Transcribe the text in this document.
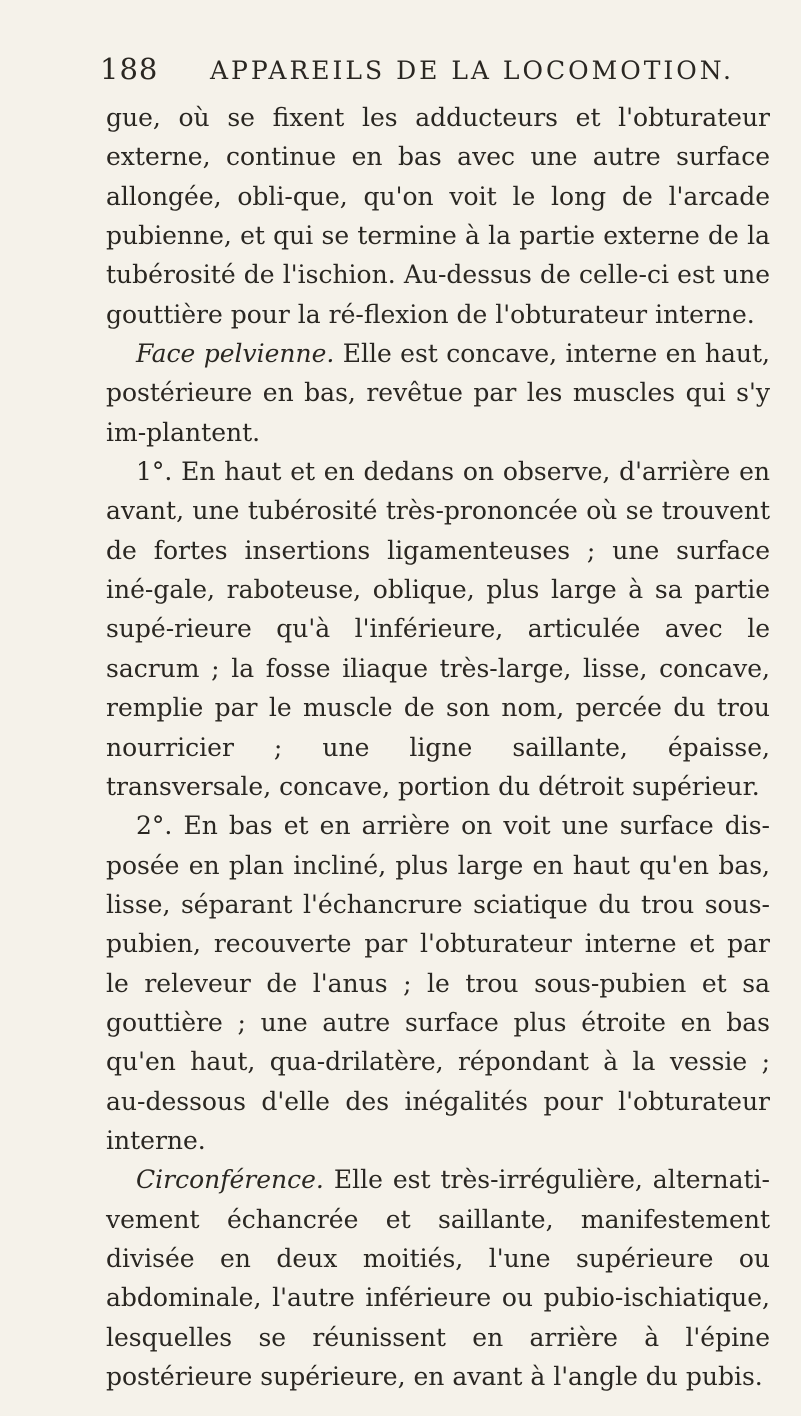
188 APPAREILS DE LA LOCOMOTION.

gue, où se fixent les adducteurs et l'obturateur externe, continue en bas avec une autre surface allongée, obli-que, qu'on voit le long de l'arcade pubienne, et qui se termine à la partie externe de la tubérosité de l'ischion. Au-dessus de celle-ci est une gouttière pour la ré-flexion de l'obturateur interne.

Face pelvienne. Elle est concave, interne en haut, postérieure en bas, revêtue par les muscles qui s'y im-plantent.

1°. En haut et en dedans on observe, d'arrière en avant, une tubérosité très-prononcée où se trouvent de fortes insertions ligamenteuses ; une surface iné-gale, raboteuse, oblique, plus large à sa partie supé-rieure qu'à l'inférieure, articulée avec le sacrum ; la fosse iliaque très-large, lisse, concave, remplie par le muscle de son nom, percée du trou nourricier ; une ligne saillante, épaisse, transversale, concave, portion du détroit supérieur.

2°. En bas et en arrière on voit une surface dis-posée en plan incliné, plus large en haut qu'en bas, lisse, séparant l'échancrure sciatique du trou sous-pubien, recouverte par l'obturateur interne et par le releveur de l'anus ; le trou sous-pubien et sa gouttière ; une autre surface plus étroite en bas qu'en haut, qua-drilatère, répondant à la vessie ; au-dessous d'elle des inégalités pour l'obturateur interne.

Circonférence. Elle est très-irrégulière, alternati-vement échancrée et saillante, manifestement divisée en deux moitiés, l'une supérieure ou abdominale, l'autre inférieure ou pubio-ischiatique, lesquelles se réunissent en arrière à l'épine postérieure supérieure, en avant à l'angle du pubis.
